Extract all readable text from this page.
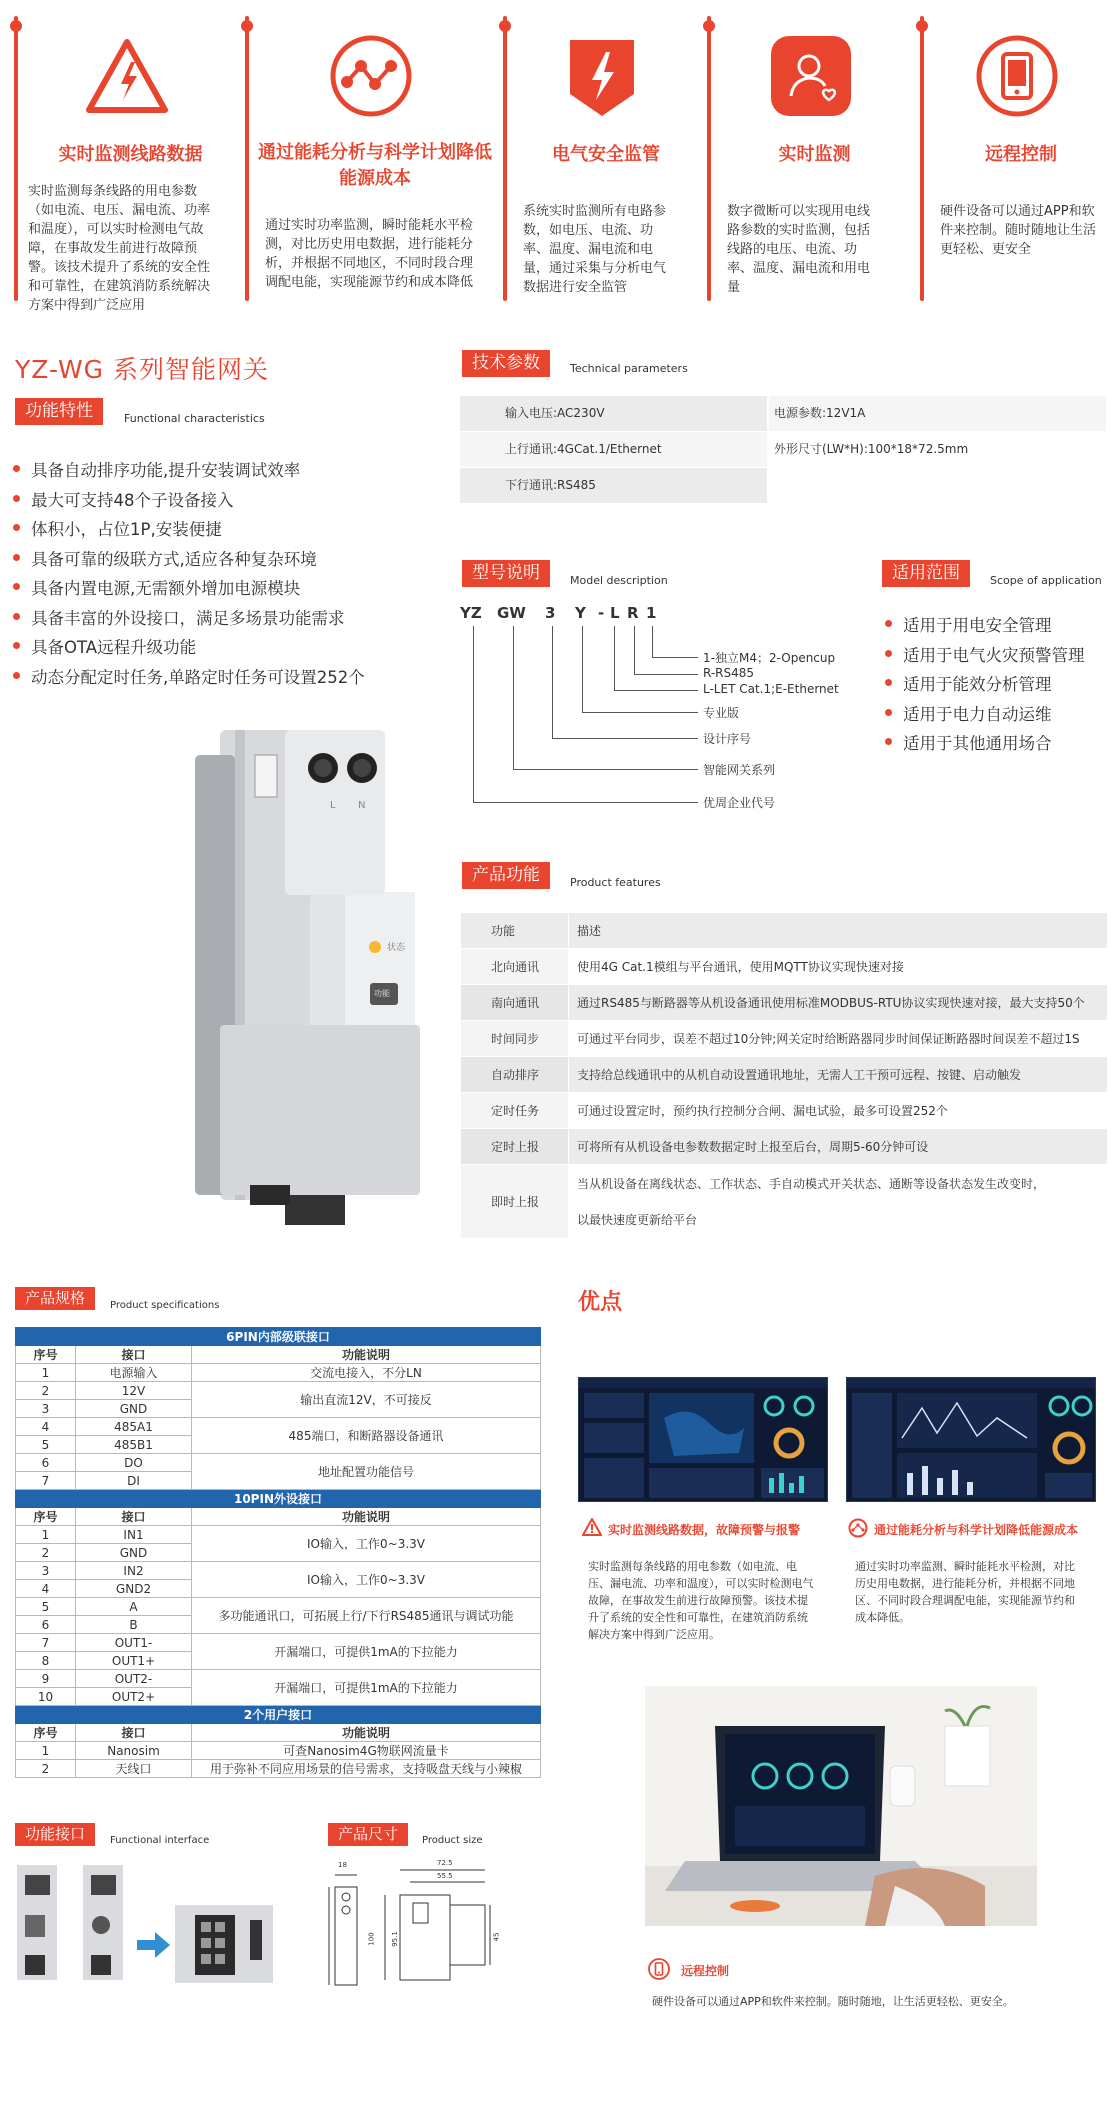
实时监测线路数据
实时监测每条线路的用电参数（如电流、电压、漏电流、功率和温度），可以实时检测电气故障，在事故发生前进行故障预警。该技术提升了系统的安全性和可靠性，在建筑消防系统解决方案中得到广泛应用
通过能耗分析与科学计划降低能源成本
通过实时功率监测，瞬时能耗水平检测，对比历史用电数据，进行能耗分析，并根据不同地区，不同时段合理调配电能，实现能源节约和成本降低
电气安全监管
系统实时监测所有电路参数，如电压、电流、功率、温度、漏电流和电量，通过采集与分析电气数据进行安全监管
实时监测
数字微断可以实现用电线路参数的实时监测，包括线路的电压、电流、功率、温度、漏电流和用电量
远程控制
硬件设备可以通过APP和软件来控制。随时随地让生活更轻松、更安全
YZ-WG 系列智能网关
功能特性	Functional characteristics
具备自动排序功能,提升安装调试效率
最大可支持48个子设备接入
体积小，占位1P,安装便捷
具备可靠的级联方式,适应各种复杂环境
具备内置电源,无需额外增加电源模块
具备丰富的外设接口，满足多场景功能需求
具备OTA远程升级功能
动态分配定时任务,单路定时任务可设置252个
技术参数	Technical parameters
输入电压:AC230V	电源参数:12V1A
上行通讯:4GCat.1/Ethernet	外形尺寸(LW*H):100*18*72.5mm
下行通讯:RS485
型号说明	Model description
YZ GW 3 Y - L R 1
1-独立M4；2-Opencup
R-RS485
L-LET Cat.1;E-Ethernet
专业版
设计序号
智能网关系列
优周企业代号
适用范围	Scope of application
适用于用电安全管理
适用于电气火灾预警管理
适用于能效分析管理
适用于电力自动运维
适用于其他通用场合
L N
状态
功能
产品功能	Product features
功能	描述
北向通讯	使用4G Cat.1模组与平台通讯，使用MQTT协议实现快速对接
南向通讯	通过RS485与断路器等从机设备通讯使用标准MODBUS-RTU协议实现快速对接，最大支持50个
时间同步	可通过平台同步，误差不超过10分钟;网关定时给断路器同步时间保证断路器时间误差不超过1S
自动排序	支持给总线通讯中的从机自动设置通讯地址，无需人工干预可远程、按键、启动触发
定时任务	可通过设置定时，预约执行控制分合闸、漏电试验，最多可设置252个
定时上报	可将所有从机设备电参数数据定时上报至后台，周期5-60分钟可设
即时上报	当从机设备在离线状态、工作状态、手自动模式开关状态、通断等设备状态发生改变时，
以最快速度更新给平台
产品规格	Product specifications
6PIN内部级联接口		
序号	接口	功能说明
1	电源输入	交流电接入，不分LN
2	12V	输出直流12V，不可接反
3	GND	
4	485A1	485端口，和断路器设备通讯
5	485B1	
6	DO	地址配置功能信号
7	DI	
10PIN外设接口		
序号	接口	功能说明
1	IN1	IO输入，工作0~3.3V
2	GND	
3	IN2	IO输入，工作0~3.3V
4	GND2	
5	A	多功能通讯口，可拓展上行/下行RS485通讯与调试功能
6	B	
7	OUT1-	开漏端口，可提供1mA的下拉能力
8	OUT1+	
9	OUT2-	开漏端口，可提供1mA的下拉能力
10	OUT2+	
2个用户接口		
序号	接口	功能说明
1	Nanosim	可查Nanosim4G物联网流量卡
2	天线口	用于弥补不同应用场景的信号需求，支持吸盘天线与小辣椒
优点
实时监测线路数据，故障预警与报警
实时监测每条线路的用电参数（如电流、电压、漏电流、功率和温度），可以实时检测电气故障，在事故发生前进行故障预警。该技术提升了系统的安全性和可靠性，在建筑消防系统解决方案中得到广泛应用。
通过能耗分析与科学计划降低能源成本
通过实时功率监测、瞬时能耗水平检测，对比历史用电数据，进行能耗分析，并根据不同地区、不同时段合理调配电能，实现能源节约和成本降低。
远程控制
硬件设备可以通过APP和软件来控制。随时随地，让生活更轻松、更安全。
功能接口	Functional interface	产品尺寸	Product size
18	72.5
55.5
100 95.1	45
